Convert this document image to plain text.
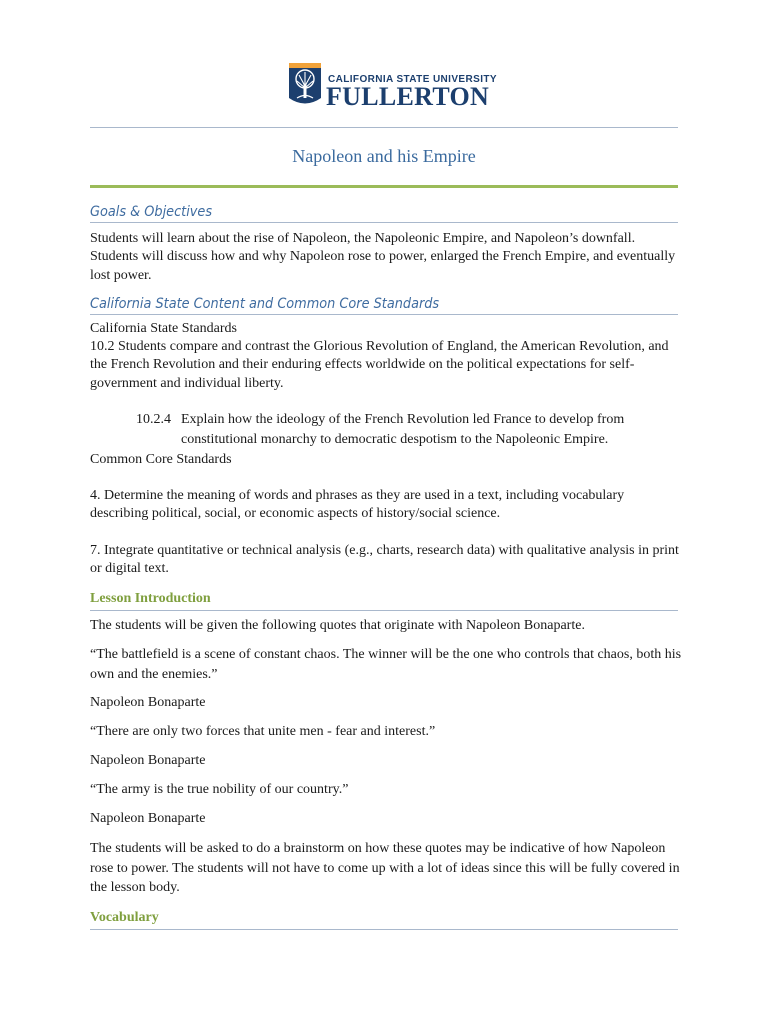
CALIFORNIA STATE UNIVERSITY
FULLERTON
Napoleon and his Empire
Goals & Objectives
Students will learn about the rise of Napoleon, the Napoleonic Empire, and Napoleon’s downfall. Students will discuss how and why Napoleon rose to power, enlarged the French Empire, and eventually lost power.
California State Content and Common Core Standards
California State Standards
10.2 Students compare and contrast the Glorious Revolution of England, the American Revolution, and the French Revolution and their enduring effects worldwide on the political expectations for self-government and individual liberty.
10.2.4 Explain how the ideology of the French Revolution led France to develop from constitutional monarchy to democratic despotism to the Napoleonic Empire.
Common Core Standards
4. Determine the meaning of words and phrases as they are used in a text, including vocabulary describing political, social, or economic aspects of history/social science.
7. Integrate quantitative or technical analysis (e.g., charts, research data) with qualitative analysis in print or digital text.
Lesson Introduction
The students will be given the following quotes that originate with Napoleon Bonaparte.
“The battlefield is a scene of constant chaos. The winner will be the one who controls that chaos, both his own and the enemies.”
Napoleon Bonaparte
“There are only two forces that unite men - fear and interest.”
Napoleon Bonaparte
“The army is the true nobility of our country.”
Napoleon Bonaparte
The students will be asked to do a brainstorm on how these quotes may be indicative of how Napoleon rose to power. The students will not have to come up with a lot of ideas since this will be fully covered in the lesson body.
Vocabulary
